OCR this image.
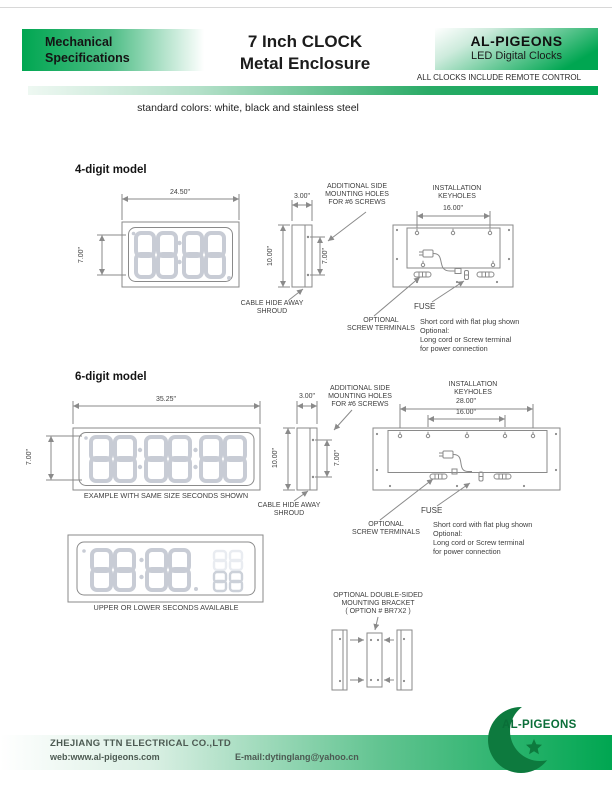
Mechanical
Specifications
7 Inch CLOCK
Metal Enclosure
AL-PIGEONS
LED Digital Clocks
ALL CLOCKS INCLUDE REMOTE CONTROL
standard colors: white, black and stainless steel
4-digit model
24.50"
7.00"
3.00"
10.00"	7.00"
16.00"
ADDITIONAL SIDE
MOUNTING HOLES
FOR #6 SCREWS
INSTALLATION
KEYHOLES
CABLE HIDE AWAY
SHROUD
FUSE
OPTIONAL
SCREW TERMINALS
Short cord with flat plug shown
Optional:
Long cord or Screw terminal
for power connection
6-digit model
35.25"
7.00"
3.00"
10.00"	7.00"
28.00"
16.00"
ADDITIONAL SIDE
MOUNTING HOLES
FOR #6 SCREWS
INSTALLATION
KEYHOLES
EXAMPLE WITH SAME SIZE SECONDS SHOWN
CABLE HIDE AWAY
SHROUD	FUSE
OPTIONAL
SCREW TERMINALS
Short cord with flat plug shown
Optional:
Long cord or Screw terminal
for power connection
UPPER OR LOWER SECONDS AVAILABLE
OPTIONAL DOUBLE-SIDED
MOUNTING BRACKET
( OPTION # BR7X2 )
ZHEJIANG TTN ELECTRICAL CO.,LTD
web:www.al-pigeons.com	E-mail:dytinglang@yahoo.cn
AL-PIGEONS
